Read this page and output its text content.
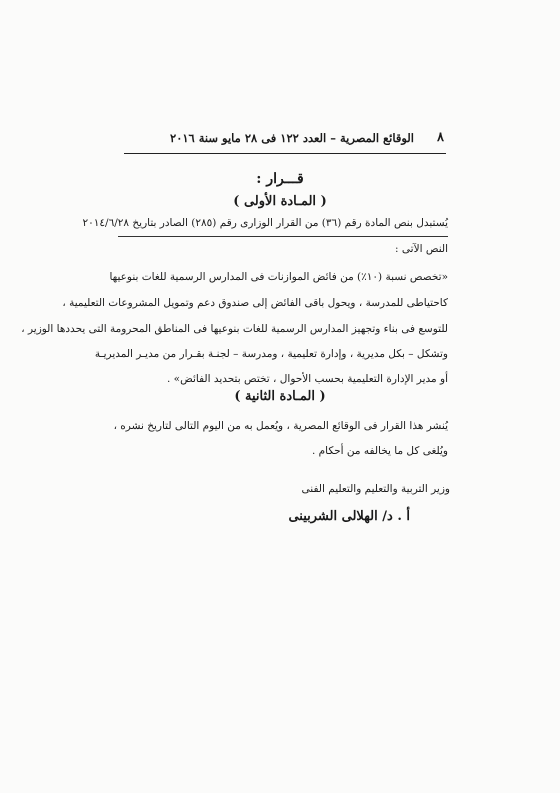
٨
الوقائع المصرية – العدد ١٢٢ فى ٢٨ مايو سنة ٢٠١٦
قـــرار :
( المـادة الأولى )
يُستبدل بنص المادة رقم (٣٦) من القرار الوزارى رقم (٢٨٥) الصادر بتاريخ ٢٠١٤/٦/٢٨
النص الآتى :
«تخصص نسبة (١٠٪) من فائض الموازنات فى المدارس الرسمية للغات بنوعيها
كاحتياطى للمدرسة ، ويحول باقى الفائض إلى صندوق دعم وتمويل المشروعات التعليمية ،
للتوسع فى بناء وتجهيز المدارس الرسمية للغات بنوعيها فى المناطق المحرومة التى يحددها الوزير ،
وتشكل – بكل مديرية ، وإدارة تعليمية ، ومدرسة – لجنـة بقـرار من مديـر المديريـة
أو مدير الإدارة التعليمية بحسب الأحوال ، تختص بتحديد الفائض» .
( المـادة الثانية )
يُنشر هذا القرار فى الوقائع المصرية ، ويُعمل به من اليوم التالى لتاريخ نشره ،
ويُلغى كل ما يخالفه من أحكام .
وزير التربية والتعليم والتعليم الفنى
أ . د/ الهلالى الشربينى
